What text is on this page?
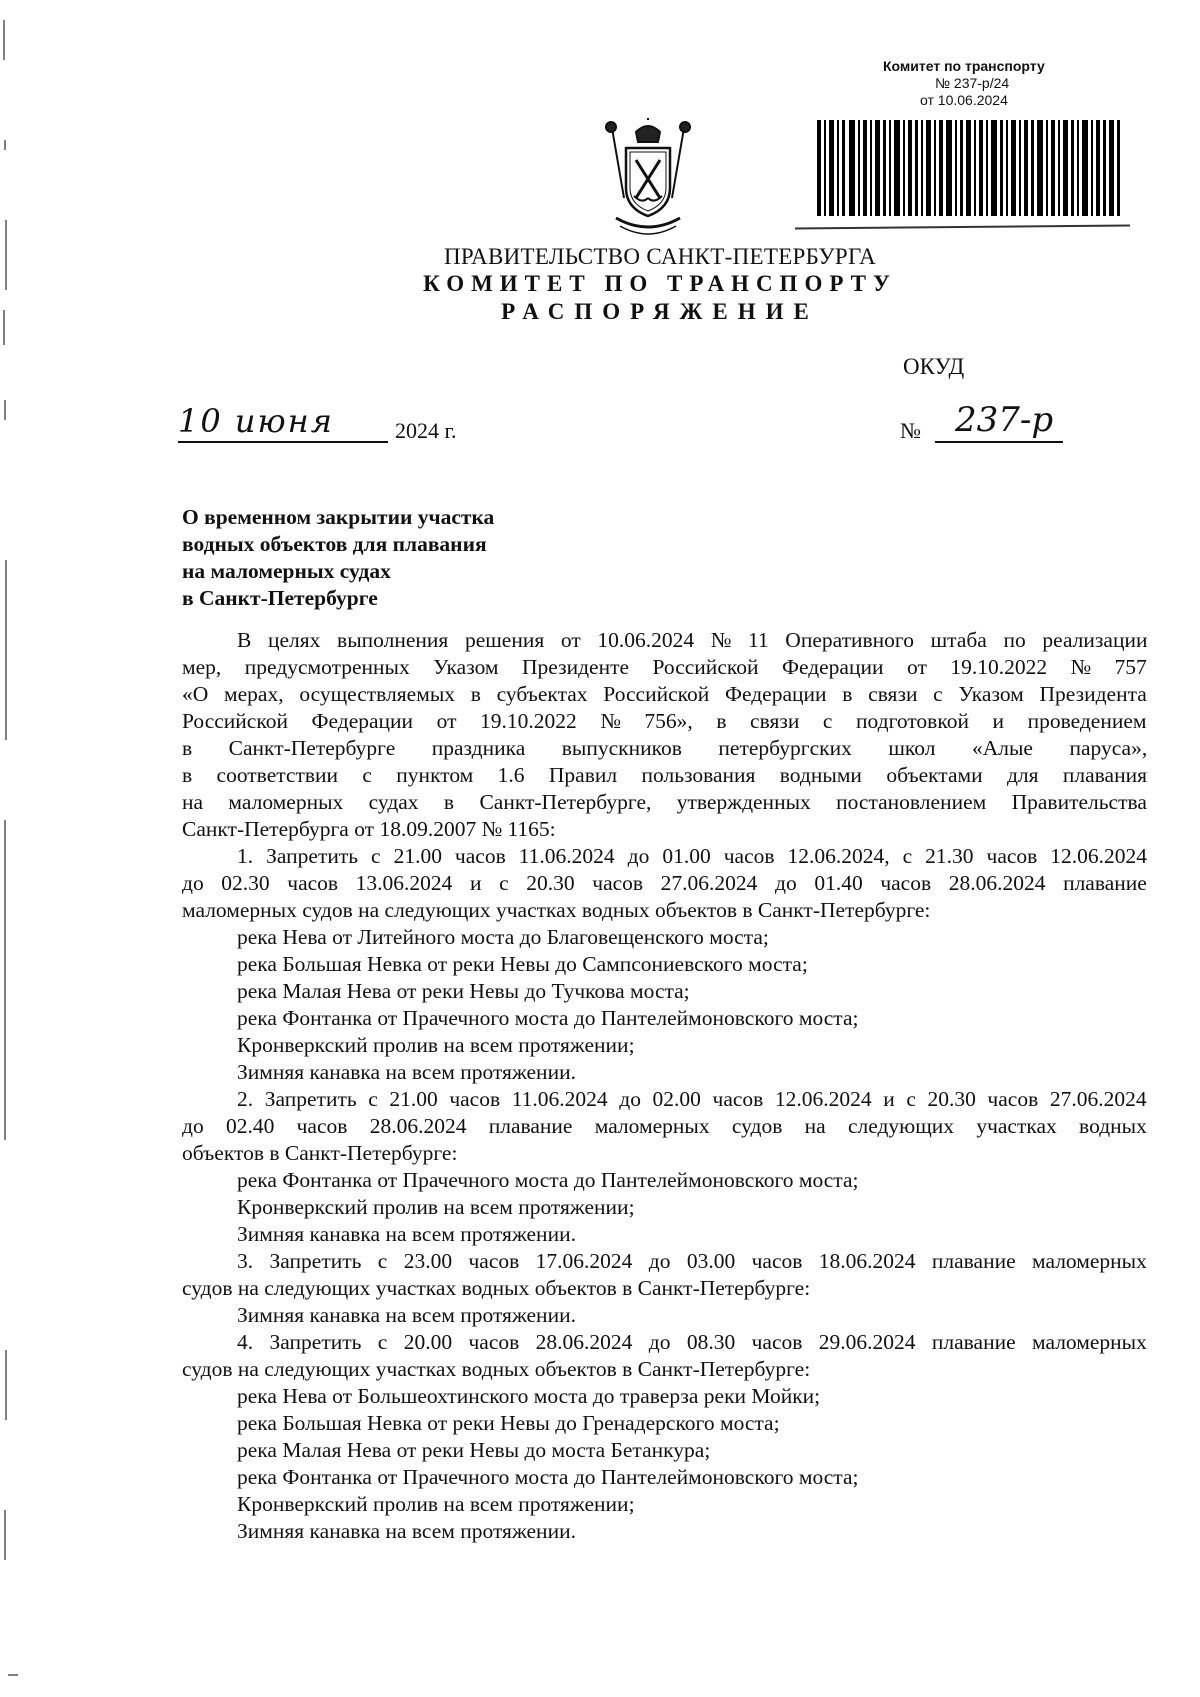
Комитет по транспорту
№ 237-р/24
от 10.06.2024
ПРАВИТЕЛЬСТВО САНКТ-ПЕТЕРБУРГА
КОМИТЕТ ПО ТРАНСПОРТУ
РАСПОРЯЖЕНИЕ
ОКУД
10 июня	2024 г.	№ 237-р
О временном закрытии участка
водных объектов для плавания
на маломерных судах
в Санкт-Петербурге
В целях выполнения решения от 10.06.2024 № 11 Оперативного штаба по реализации
мер, предусмотренных Указом Президенте Российской Федерации от 19.10.2022 № 757
«О мерах, осуществляемых в субъектах Российской Федерации в связи с Указом Президента
Российской Федерации от 19.10.2022 № 756», в связи с подготовкой и проведением
в Санкт-Петербурге праздника выпускников петербургских школ «Алые паруса»,
в соответствии с пунктом 1.6 Правил пользования водными объектами для плавания
на маломерных судах в Санкт-Петербурге, утвержденных постановлением Правительства
Санкт-Петербурга от 18.09.2007 № 1165:
1. Запретить с 21.00 часов 11.06.2024 до 01.00 часов 12.06.2024, с 21.30 часов 12.06.2024
до 02.30 часов 13.06.2024 и с 20.30 часов 27.06.2024 до 01.40 часов 28.06.2024 плавание
маломерных судов на следующих участках водных объектов в Санкт-Петербурге:
река Нева от Литейного моста до Благовещенского моста;
река Большая Невка от реки Невы до Сампсониевского моста;
река Малая Нева от реки Невы до Тучкова моста;
река Фонтанка от Прачечного моста до Пантелеймоновского моста;
Кронверкский пролив на всем протяжении;
Зимняя канавка на всем протяжении.
2. Запретить с 21.00 часов 11.06.2024 до 02.00 часов 12.06.2024 и с 20.30 часов 27.06.2024
до 02.40 часов 28.06.2024 плавание маломерных судов на следующих участках водных
объектов в Санкт-Петербурге:
река Фонтанка от Прачечного моста до Пантелеймоновского моста;
Кронверкский пролив на всем протяжении;
Зимняя канавка на всем протяжении.
3. Запретить с 23.00 часов 17.06.2024 до 03.00 часов 18.06.2024 плавание маломерных
судов на следующих участках водных объектов в Санкт-Петербурге:
Зимняя канавка на всем протяжении.
4. Запретить с 20.00 часов 28.06.2024 до 08.30 часов 29.06.2024 плавание маломерных
судов на следующих участках водных объектов в Санкт-Петербурге:
река Нева от Большеохтинского моста до траверза реки Мойки;
река Большая Невка от реки Невы до Гренадерского моста;
река Малая Нева от реки Невы до моста Бетанкура;
река Фонтанка от Прачечного моста до Пантелеймоновского моста;
Кронверкский пролив на всем протяжении;
Зимняя канавка на всем протяжении.
